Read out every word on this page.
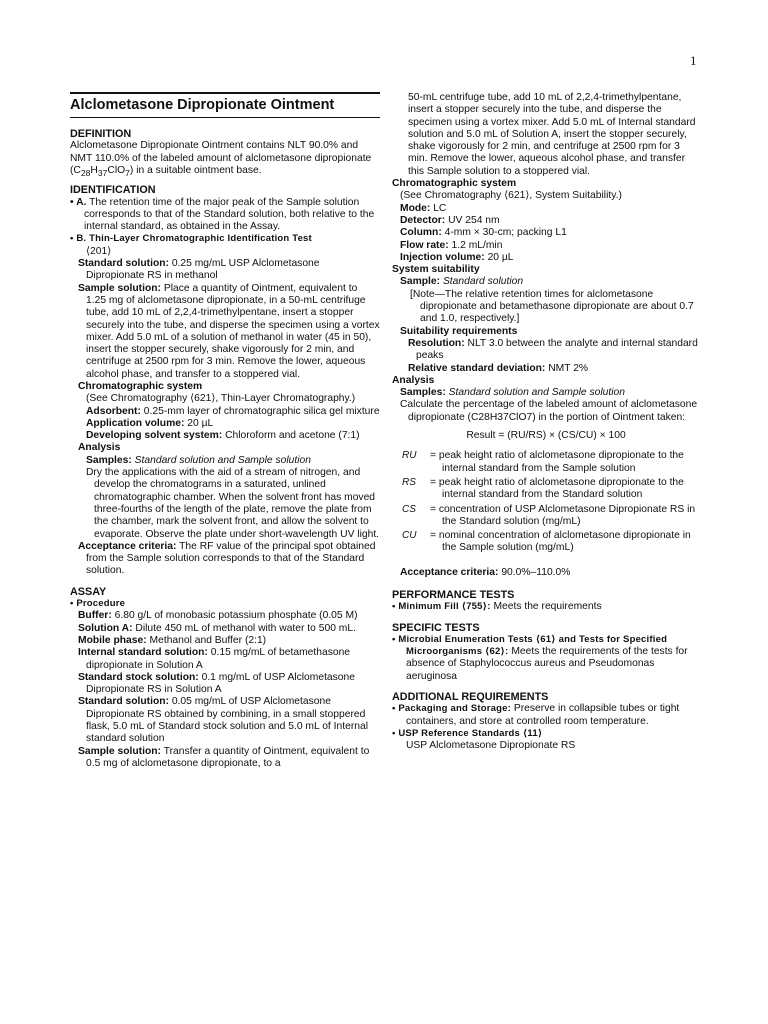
1
Alclometasone Dipropionate Ointment
DEFINITION
Alclometasone Dipropionate Ointment contains NLT 90.0% and NMT 110.0% of the labeled amount of alclometasone dipropionate $(C_{28}H_{37}ClO_7)$ in a suitable ointment base.
IDENTIFICATION
• A. The retention time of the major peak of the Sample solution corresponds to that of the Standard solution, both relative to the internal standard, as obtained in the Assay.
• B. Thin-Layer Chromatographic Identification Test
⟨201⟩
Standard solution: 0.25 mg/mL USP Alclometasone Dipropionate RS in methanol
Sample solution: Place a quantity of Ointment, equivalent to 1.25 mg of alclometasone dipropionate, in a 50-mL centrifuge tube, add 10 mL of 2,2,4-trimethylpentane, insert a stopper securely into the tube, and disperse the specimen using a vortex mixer. Add 5.0 mL of a solution of methanol in water (45 in 50), insert the stopper securely, shake vigorously for 2 min, and centrifuge at 2500 rpm for 3 min. Remove the lower, aqueous alcohol phase, and transfer to a stoppered vial.
Chromatographic system
(See Chromatography ⟨621⟩, Thin-Layer Chromatography.)
Adsorbent: 0.25-mm layer of chromatographic silica gel mixture
Application volume: 20 µL
Developing solvent system: Chloroform and acetone (7:1)
Analysis
Samples: Standard solution and Sample solution
Dry the applications with the aid of a stream of nitrogen, and develop the chromatograms in a saturated, unlined chromatographic chamber. When the solvent front has moved three-fourths of the length of the plate, remove the plate from the chamber, mark the solvent front, and allow the solvent to evaporate. Observe the plate under short-wavelength UV light.
Acceptance criteria: The RF value of the principal spot obtained from the Sample solution corresponds to that of the Standard solution.
ASSAY
• Procedure
Buffer: 6.80 g/L of monobasic potassium phosphate (0.05 M)
Solution A: Dilute 450 mL of methanol with water to 500 mL.
Mobile phase: Methanol and Buffer (2:1)
Internal standard solution: 0.15 mg/mL of betamethasone dipropionate in Solution A
Standard stock solution: 0.1 mg/mL of USP Alclometasone Dipropionate RS in Solution A
Standard solution: 0.05 mg/mL of USP Alclometasone Dipropionate RS obtained by combining, in a small stoppered flask, 5.0 mL of Standard stock solution and 5.0 mL of Internal standard solution
Sample solution: Transfer a quantity of Ointment, equivalent to 0.5 mg of alclometasone dipropionate, to a
50-mL centrifuge tube, add 10 mL of 2,2,4-trimethylpentane, insert a stopper securely into the tube, and disperse the specimen using a vortex mixer. Add 5.0 mL of Internal standard solution and 5.0 mL of Solution A, insert the stopper securely, shake vigorously for 2 min, and centrifuge at 2500 rpm for 3 min. Remove the lower, aqueous alcohol phase, and transfer this Sample solution to a stoppered vial.
Chromatographic system
(See Chromatography ⟨621⟩, System Suitability.)
Mode: LC
Detector: UV 254 nm
Column: 4-mm × 30-cm; packing L1
Flow rate: 1.2 mL/min
Injection volume: 20 µL
System suitability
Sample: Standard solution
[Note—The relative retention times for alclometasone dipropionate and betamethasone dipropionate are about 0.7 and 1.0, respectively.]
Suitability requirements
Resolution: NLT 3.0 between the analyte and internal standard peaks
Relative standard deviation: NMT 2%
Analysis
Samples: Standard solution and Sample solution
Calculate the percentage of the labeled amount of alclometasone dipropionate (C28H37ClO7) in the portion of Ointment taken:
Result = (RU/RS) × (CS/CU) × 100
RU	= peak height ratio of alclometasone dipropionate to the internal standard from the Sample solution
RS	= peak height ratio of alclometasone dipropionate to the internal standard from the Standard solution
CS	= concentration of USP Alclometasone Dipropionate RS in the Standard solution (mg/mL)
CU	= nominal concentration of alclometasone dipropionate in the Sample solution (mg/mL)
Acceptance criteria: 90.0%–110.0%
PERFORMANCE TESTS
• Minimum Fill ⟨755⟩: Meets the requirements
SPECIFIC TESTS
• Microbial Enumeration Tests ⟨61⟩ and Tests for Specified Microorganisms ⟨62⟩: Meets the requirements of the tests for absence of Staphylococcus aureus and Pseudomonas aeruginosa
ADDITIONAL REQUIREMENTS
• Packaging and Storage: Preserve in collapsible tubes or tight containers, and store at controlled room temperature.
• USP Reference Standards ⟨11⟩
USP Alclometasone Dipropionate RS
